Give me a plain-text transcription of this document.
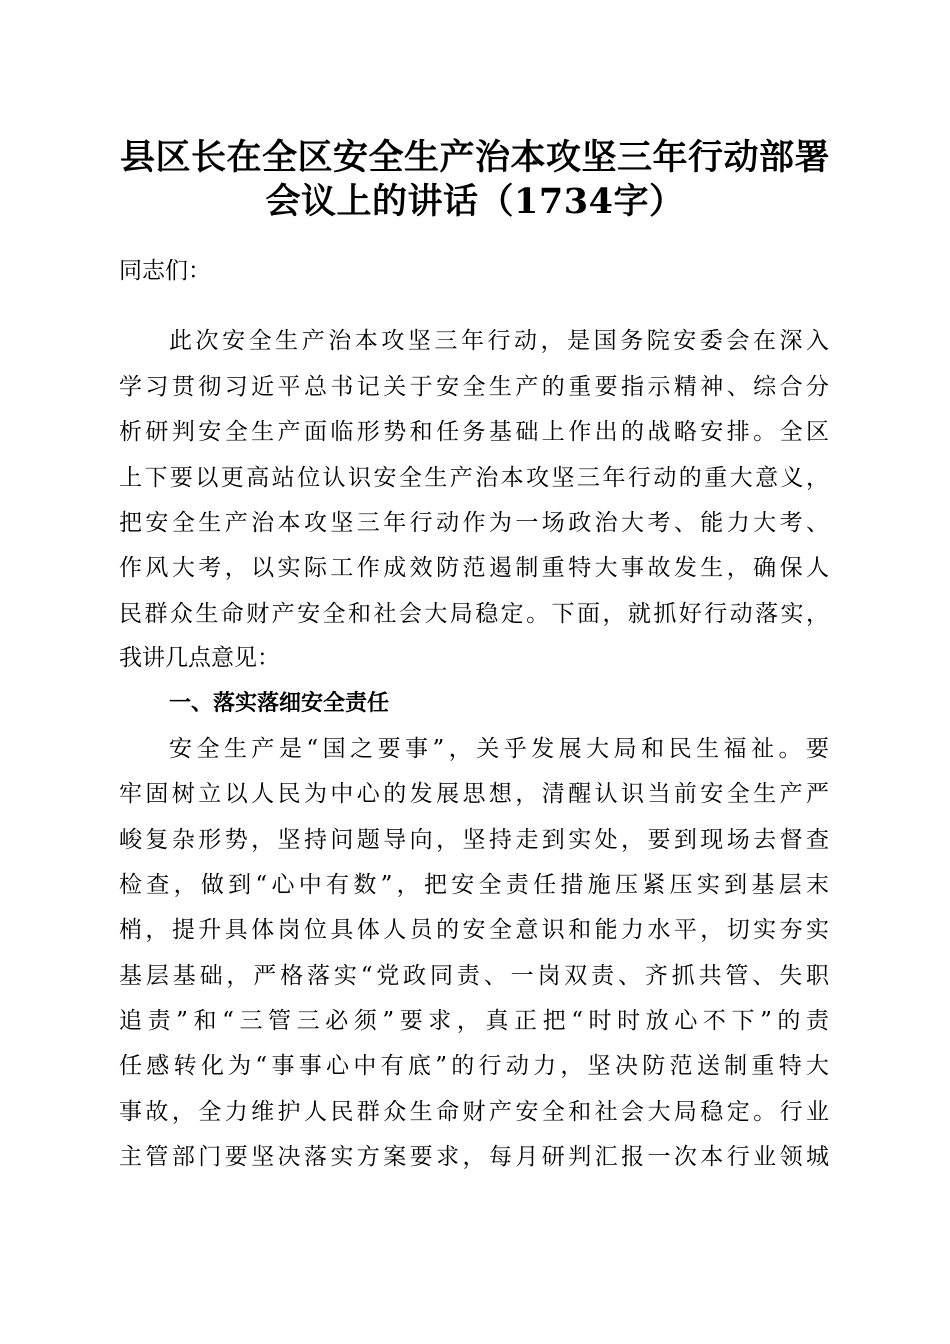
县区长在全区安全生产治本攻坚三年行动部署
会议上的讲话（1734字）

同志们：

此次安全生产治本攻坚三年行动，是国务院安委会在深入

学习贯彻习近平总书记关于安全生产的重要指示精神、综合分

析研判安全生产面临形势和任务基础上作出的战略安排。全区

上下要以更高站位认识安全生产治本攻坚三年行动的重大意义，

把安全生产治本攻坚三年行动作为一场政治大考、能力大考、

作风大考，以实际工作成效防范遏制重特大事故发生，确保人

民群众生命财产安全和社会大局稳定。下面，就抓好行动落实，

我讲几点意见：

一、落实落细安全责任

安全生产是“国之要事”，关乎发展大局和民生福祉。要

牢固树立以人民为中心的发展思想，清醒认识当前安全生产严

峻复杂形势，坚持问题导向，坚持走到实处，要到现场去督查

检查，做到“心中有数”，把安全责任措施压紧压实到基层末

梢，提升具体岗位具体人员的安全意识和能力水平，切实夯实

基层基础，严格落实“党政同责、一岗双责、齐抓共管、失职

追责”和“三管三必须”要求，真正把“时时放心不下”的责

任感转化为“事事心中有底”的行动力，坚决防范送制重特大

事故，全力维护人民群众生命财产安全和社会大局稳定。行业

主管部门要坚决落实方案要求，每月研判汇报一次本行业领城
